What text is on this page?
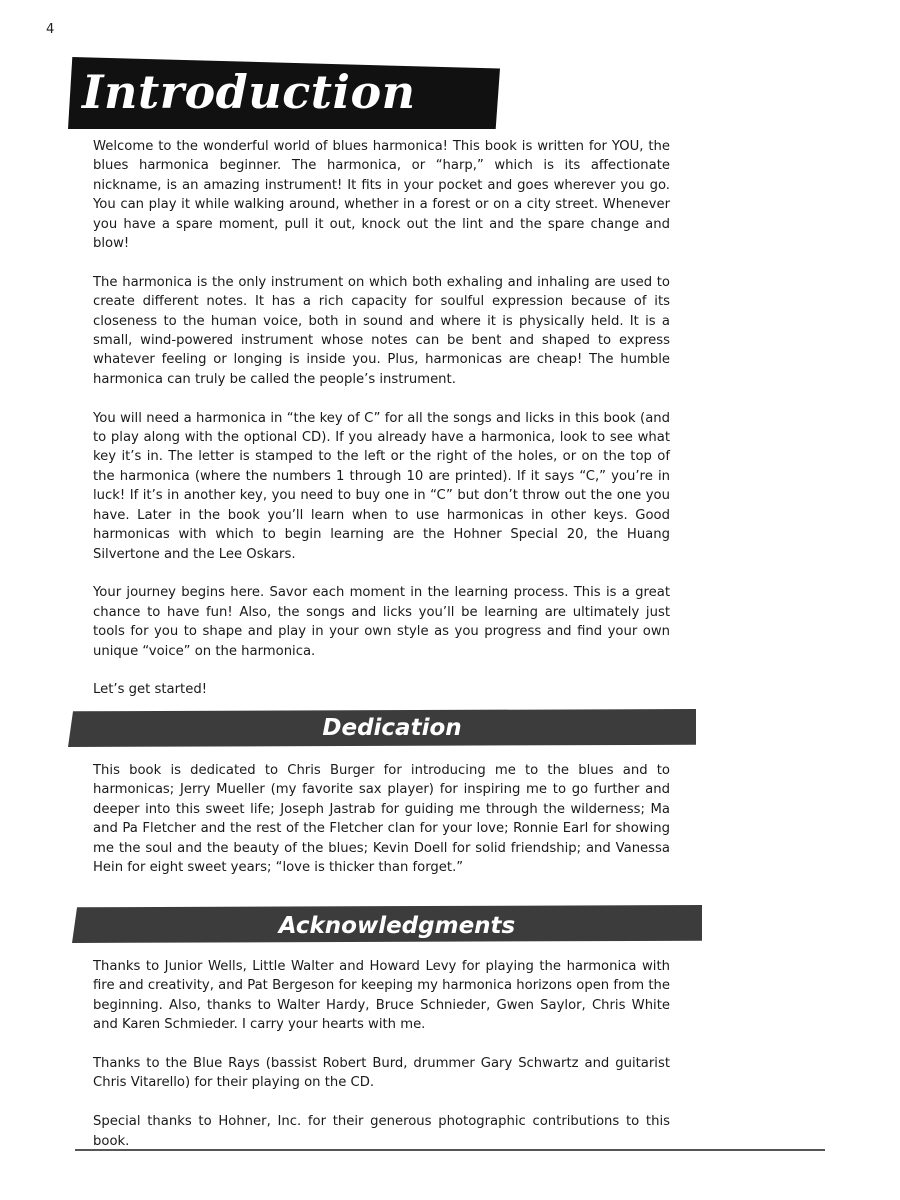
4
Introduction

Welcome to the wonderful world of blues harmonica! This book is written for YOU, the blues harmonica beginner. The harmonica, or “harp,” which is its affectionate nickname, is an amazing instrument! It fits in your pocket and goes wherever you go. You can play it while walking around, whether in a forest or on a city street. Whenever you have a spare moment, pull it out, knock out the lint and the spare change and blow!

The harmonica is the only instrument on which both exhaling and inhaling are used to create different notes. It has a rich capacity for soulful expression because of its closeness to the human voice, both in sound and where it is physically held. It is a small, wind-powered instrument whose notes can be bent and shaped to express whatever feeling or longing is inside you. Plus, harmonicas are cheap! The humble harmonica can truly be called the people’s instrument.

You will need a harmonica in “the key of C” for all the songs and licks in this book (and to play along with the optional CD). If you already have a harmonica, look to see what key it’s in. The letter is stamped to the left or the right of the holes, or on the top of the harmonica (where the numbers 1 through 10 are printed). If it says “C,” you’re in luck! If it’s in another key, you need to buy one in “C” but don’t throw out the one you have. Later in the book you’ll learn when to use harmonicas in other keys. Good harmonicas with which to begin learning are the Hohner Special 20, the Huang Silvertone and the Lee Oskars.

Your journey begins here. Savor each moment in the learning process. This is a great chance to have fun! Also, the songs and licks you’ll be learning are ultimately just tools for you to shape and play in your own style as you progress and find your own unique “voice” on the harmonica.

Let’s get started!

Dedication

This book is dedicated to Chris Burger for introducing me to the blues and to harmonicas; Jerry Mueller (my favorite sax player) for inspiring me to go further and deeper into this sweet life; Joseph Jastrab for guiding me through the wilderness; Ma and Pa Fletcher and the rest of the Fletcher clan for your love; Ronnie Earl for showing me the soul and the beauty of the blues; Kevin Doell for solid friendship; and Vanessa Hein for eight sweet years; “love is thicker than forget.”

Acknowledgments

Thanks to Junior Wells, Little Walter and Howard Levy for playing the harmonica with fire and creativity, and Pat Bergeson for keeping my harmonica horizons open from the beginning. Also, thanks to Walter Hardy, Bruce Schnieder, Gwen Saylor, Chris White and Karen Schmieder. I carry your hearts with me.

Thanks to the Blue Rays (bassist Robert Burd, drummer Gary Schwartz and guitarist Chris Vitarello) for their playing on the CD.

Special thanks to Hohner, Inc. for their generous photographic contributions to this book.
